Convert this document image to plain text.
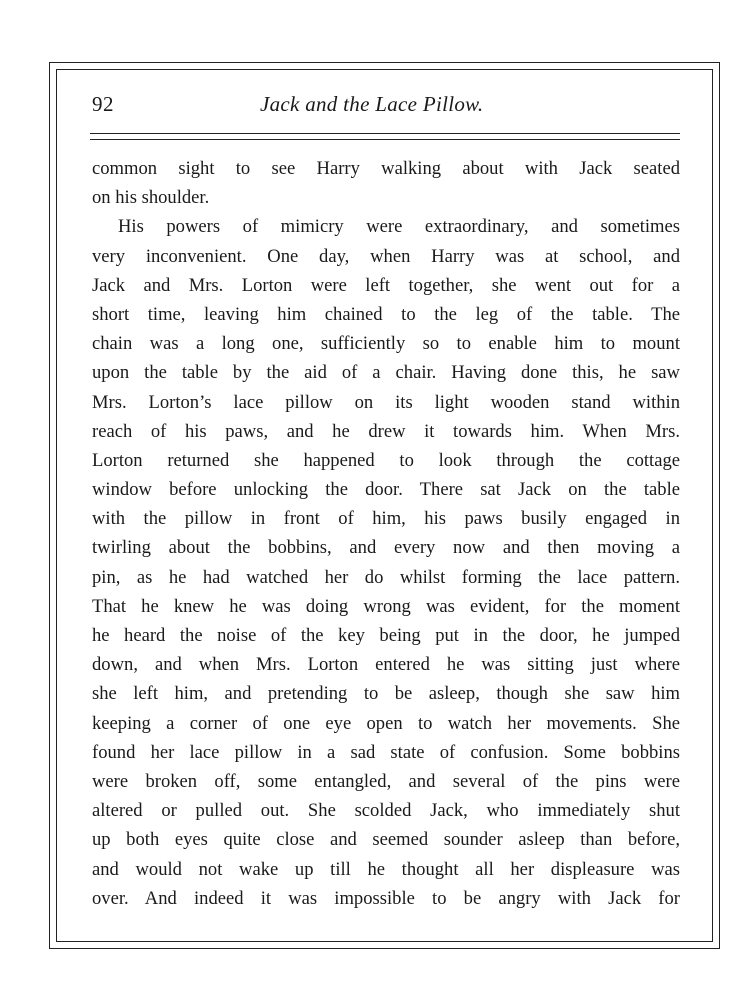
92	Jack and the Lace Pillow.
common sight to see Harry walking about with Jack seated
on his shoulder.
His powers of mimicry were extraordinary, and sometimes
very inconvenient. One day, when Harry was at school, and
Jack and Mrs. Lorton were left together, she went out for a
short time, leaving him chained to the leg of the table. The
chain was a long one, sufficiently so to enable him to mount
upon the table by the aid of a chair. Having done this, he saw
Mrs. Lorton’s lace pillow on its light wooden stand within
reach of his paws, and he drew it towards him. When Mrs.
Lorton returned she happened to look through the cottage
window before unlocking the door. There sat Jack on the table
with the pillow in front of him, his paws busily engaged in
twirling about the bobbins, and every now and then moving a
pin, as he had watched her do whilst forming the lace pattern.
That he knew he was doing wrong was evident, for the moment
he heard the noise of the key being put in the door, he jumped
down, and when Mrs. Lorton entered he was sitting just where
she left him, and pretending to be asleep, though she saw him
keeping a corner of one eye open to watch her movements. She
found her lace pillow in a sad state of confusion. Some bobbins
were broken off, some entangled, and several of the pins were
altered or pulled out. She scolded Jack, who immediately shut
up both eyes quite close and seemed sounder asleep than before,
and would not wake up till he thought all her displeasure was
over. And indeed it was impossible to be angry with Jack for
